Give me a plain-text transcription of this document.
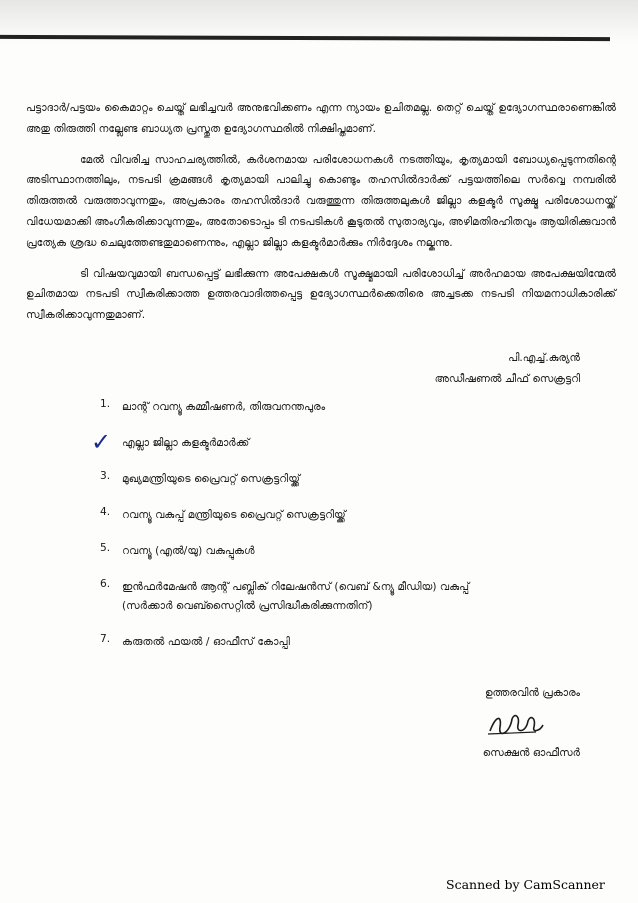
പട്ടാദാർ/പട്ടയം കൈമാറ്റം ചെയ്ത് ലഭിച്ചവർ അനുഭവിക്കണം എന്ന ന്യായം ഉചിതമല്ല. തെറ്റ് ചെയ്ത് ഉദ്യോഗസ്ഥരാണെങ്കിൽ അതു തിരുത്തി നല്ലേണ്ട ബാധ്യത പ്രസ്തുത ഉദ്യോഗസ്ഥരിൽ നിക്ഷിപ്തമാണ്.

മേൽ വിവരിച്ച സാഹചര്യത്തിൽ, കർശനമായ പരിശോധനകൾ നടത്തിയും, കൃത്യമായി ബോധ്യപ്പെടുന്നതിന്റെ അടിസ്ഥാനത്തിലും, നടപടി ക്രമങ്ങൾ കൃത്യമായി പാലിച്ചു കൊണ്ടും തഹസിൽദാർക്ക് പട്ടയത്തിലെ സർവ്വെ നമ്പരിൽ തിരുത്തൽ വരുത്താവുന്നതും, അപ്രകാരം തഹസിൽദാർ വരുത്തുന്ന തിരുത്തലുകൾ ജില്ലാ കളക്ടർ സൂക്ഷ്മ പരിശോധനയ്ക്ക് വിധേയമാക്കി അംഗീകരിക്കാവുന്നതും, അതോടൊപ്പം ടി നടപടികൾ കൂടുതൽ സുതാര്യവും, അഴിമതിരഹിതവും ആയിരിക്കുവാൻ പ്രത്യേക ശ്രദ്ധ ചെലുത്തേണ്ടതുമാണെന്നും, എല്ലാ ജില്ലാ കളക്ടർമാർക്കും നിർദ്ദേശം നല്കുന്നു.

ടി വിഷയവുമായി ബന്ധപ്പെട്ട് ലഭിക്കുന്ന അപേക്ഷകൾ സൂക്ഷ്മമായി പരിശോധിച്ച് അർഹമായ അപേക്ഷയിന്മേൽ ഉചിതമായ നടപടി സ്വീകരിക്കാത്ത ഉത്തരവാദിത്തപ്പെട്ട ഉദ്യോഗസ്ഥർക്കെതിരെ അച്ചടക്ക നടപടി നിയമനാധികാരിക്ക് സ്വീകരിക്കാവുന്നതുമാണ്.

പി.എച്ച്.കുര്യൻ
അഡീഷണൽ ചീഫ് സെക്രട്ടറി
1.	ലാന്റ് റവന്യൂ കമ്മീഷണർ, തിരുവനന്തപുരം
✓	എല്ലാ ജില്ലാ കളക്ടർമാർക്ക്
3.	മുഖ്യമന്ത്രിയുടെ പ്രൈവറ്റ് സെക്രട്ടറിയ്ക്ക്
4.	റവന്യൂ വകുപ്പ് മന്ത്രിയുടെ പ്രൈവറ്റ് സെക്രട്ടറിയ്ക്ക്
5.	റവന്യൂ (എൽ/യു) വകുപ്പുകൾ
6.	ഇൻഫർമേഷൻ ആന്റ് പബ്ലിക് റിലേഷൻസ് (വെബ് &ന്യൂ മീഡിയ) വകുപ്പ്
(സർക്കാർ വെബ്സൈറ്റിൽ പ്രസിദ്ധീകരിക്കുന്നതിന്)
7.	കരുതൽ ഫയൽ / ഓഫീസ് കോപ്പി
ഉത്തരവിൻ പ്രകാരം
സെക്ഷൻ ഓഫീസർ
Scanned by CamScanner
